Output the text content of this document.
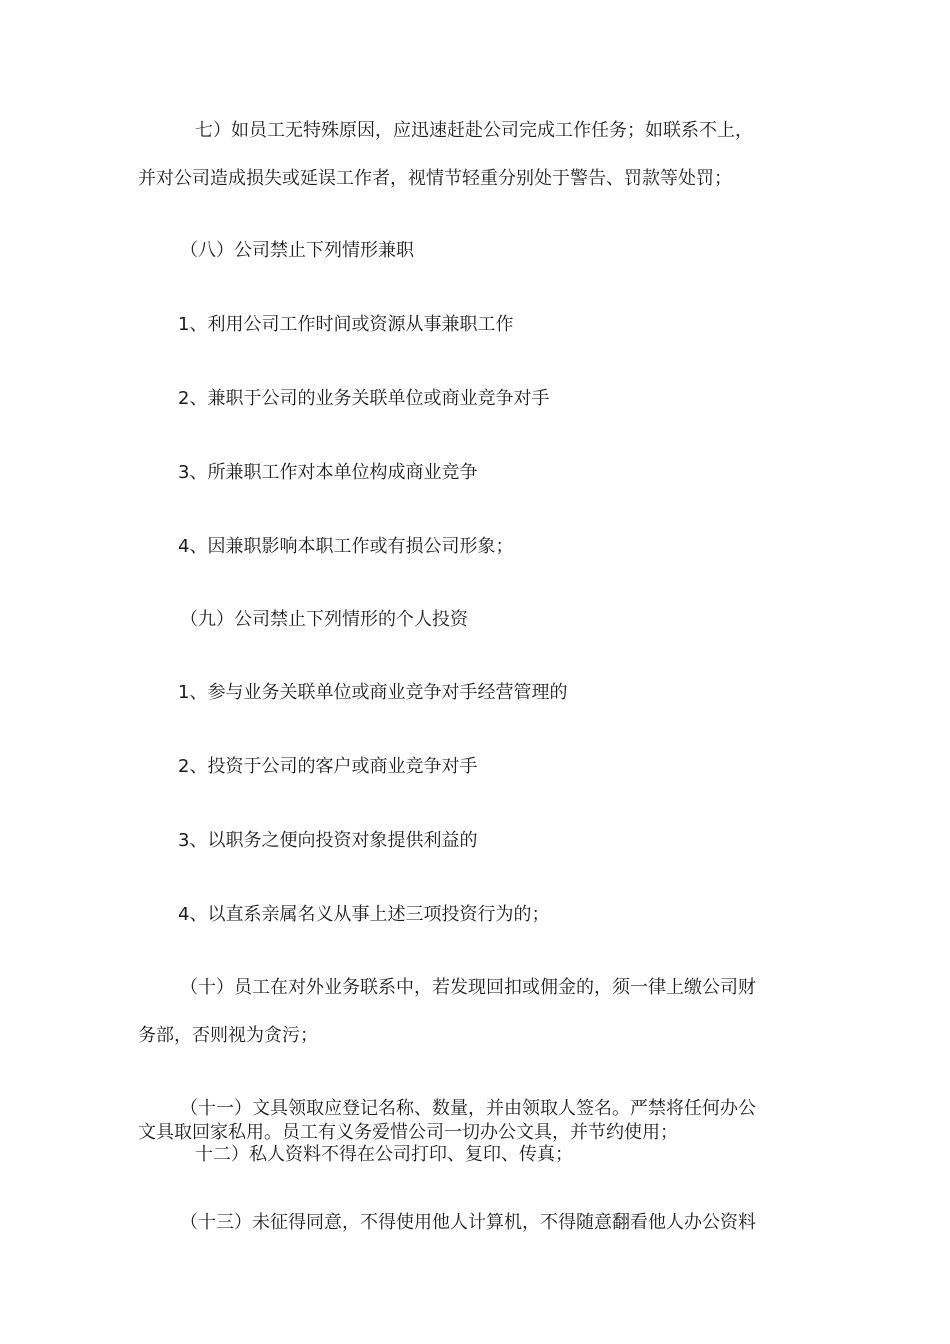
七）如员工无特殊原因，应迅速赶赴公司完成工作任务；如联系不上，
并对公司造成损失或延误工作者，视情节轻重分别处于警告、罚款等处罚；
（八）公司禁止下列情形兼职
1、利用公司工作时间或资源从事兼职工作
2、兼职于公司的业务关联单位或商业竞争对手
3、所兼职工作对本单位构成商业竞争
4、因兼职影响本职工作或有损公司形象；
（九）公司禁止下列情形的个人投资
1、参与业务关联单位或商业竞争对手经营管理的
2、投资于公司的客户或商业竞争对手
3、以职务之便向投资对象提供利益的
4、以直系亲属名义从事上述三项投资行为的；
（十）员工在对外业务联系中，若发现回扣或佣金的，须一律上缴公司财
务部，否则视为贪污；
（十一）文具领取应登记名称、数量，并由领取人签名。严禁将任何办公
文具取回家私用。员工有义务爱惜公司一切办公文具，并节约使用；
十二）私人资料不得在公司打印、复印、传真；
（十三）未征得同意，不得使用他人计算机，不得随意翻看他人办公资料
